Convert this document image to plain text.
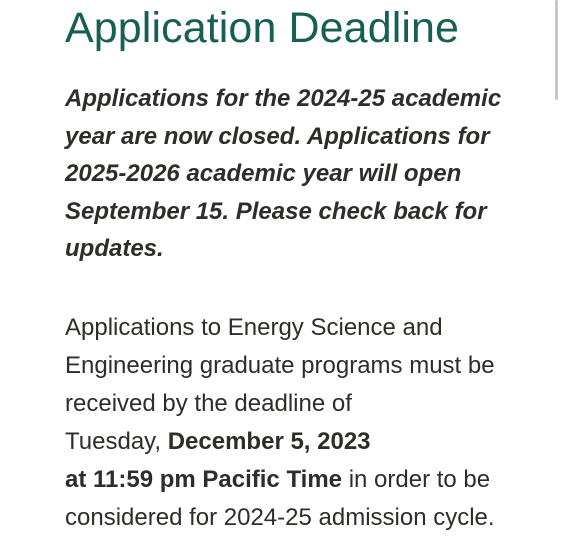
Application Deadline

Applications for the 2024-25 academic
year are now closed. Applications for
2025-2026 academic year will open
September 15. Please check back for
updates.

Applications to Energy Science and
Engineering graduate programs must be
received by the deadline of
Tuesday, December 5, 2023
at 11:59 pm Pacific Time in order to be
considered for 2024-25 admission cycle.
